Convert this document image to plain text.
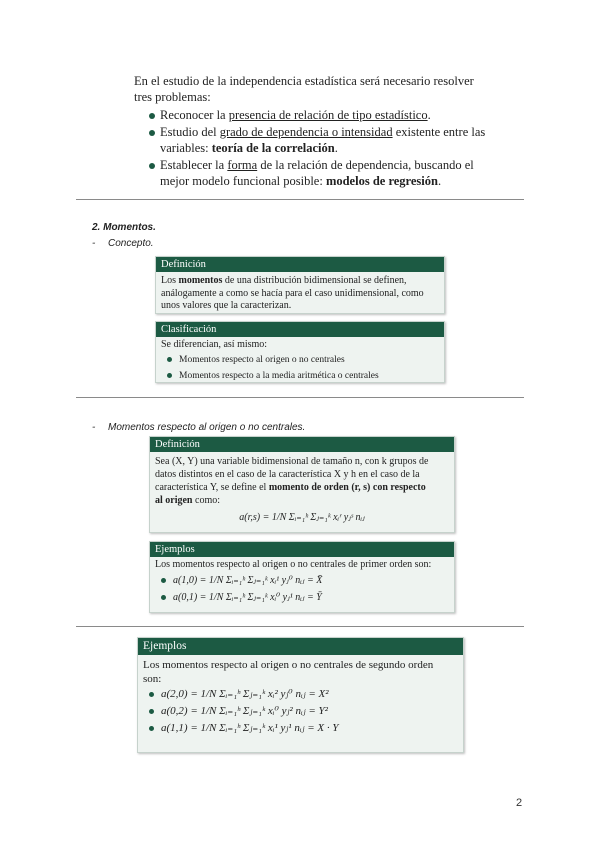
En el estudio de la independencia estadística será necesario resolver
tres problemas:
Reconocer la presencia de relación de tipo estadístico.
Estudio del grado de dependencia o intensidad existente entre las
variables: teoría de la correlación.
Establecer la forma de la relación de dependencia, buscando el
mejor modelo funcional posible: modelos de regresión.
2. Momentos.
- Concepto.
Definición
Los momentos de una distribución bidimensional se definen,
análogamente a como se hacía para el caso unidimensional, como
unos valores que la caracterizan.
Clasificación
Se diferencian, así mismo:
Momentos respecto al origen o no centrales
Momentos respecto a la media aritmética o centrales
- Momentos respecto al origen o no centrales.
Definición
Sea (X, Y) una variable bidimensional de tamaño n, con k grupos de
datos distintos en el caso de la característica X y h en el caso de la
característica Y, se define el momento de orden (r, s) con respecto
al origen como:
a(r,s) = 1/N Σᵢ₌₁ʰ Σⱼ₌₁ᵏ xᵢʳ yⱼˢ nᵢⱼ
Ejemplos
Los momentos respecto al origen o no centrales de primer orden son:
a(1,0) = 1/N Σᵢ₌₁ʰ Σⱼ₌₁ᵏ xᵢ¹ yⱼ⁰ nᵢⱼ = X̄
a(0,1) = 1/N Σᵢ₌₁ʰ Σⱼ₌₁ᵏ xᵢ⁰ yⱼ¹ nᵢⱼ = Ȳ
Ejemplos
Los momentos respecto al origen o no centrales de segundo orden
son:
a(2,0) = 1/N Σᵢ₌₁ʰ Σⱼ₌₁ᵏ xᵢ² yⱼ⁰ nᵢⱼ = X²
a(0,2) = 1/N Σᵢ₌₁ʰ Σⱼ₌₁ᵏ xᵢ⁰ yⱼ² nᵢⱼ = Y²
a(1,1) = 1/N Σᵢ₌₁ʰ Σⱼ₌₁ᵏ xᵢ¹ yⱼ¹ nᵢⱼ = X · Y
2
